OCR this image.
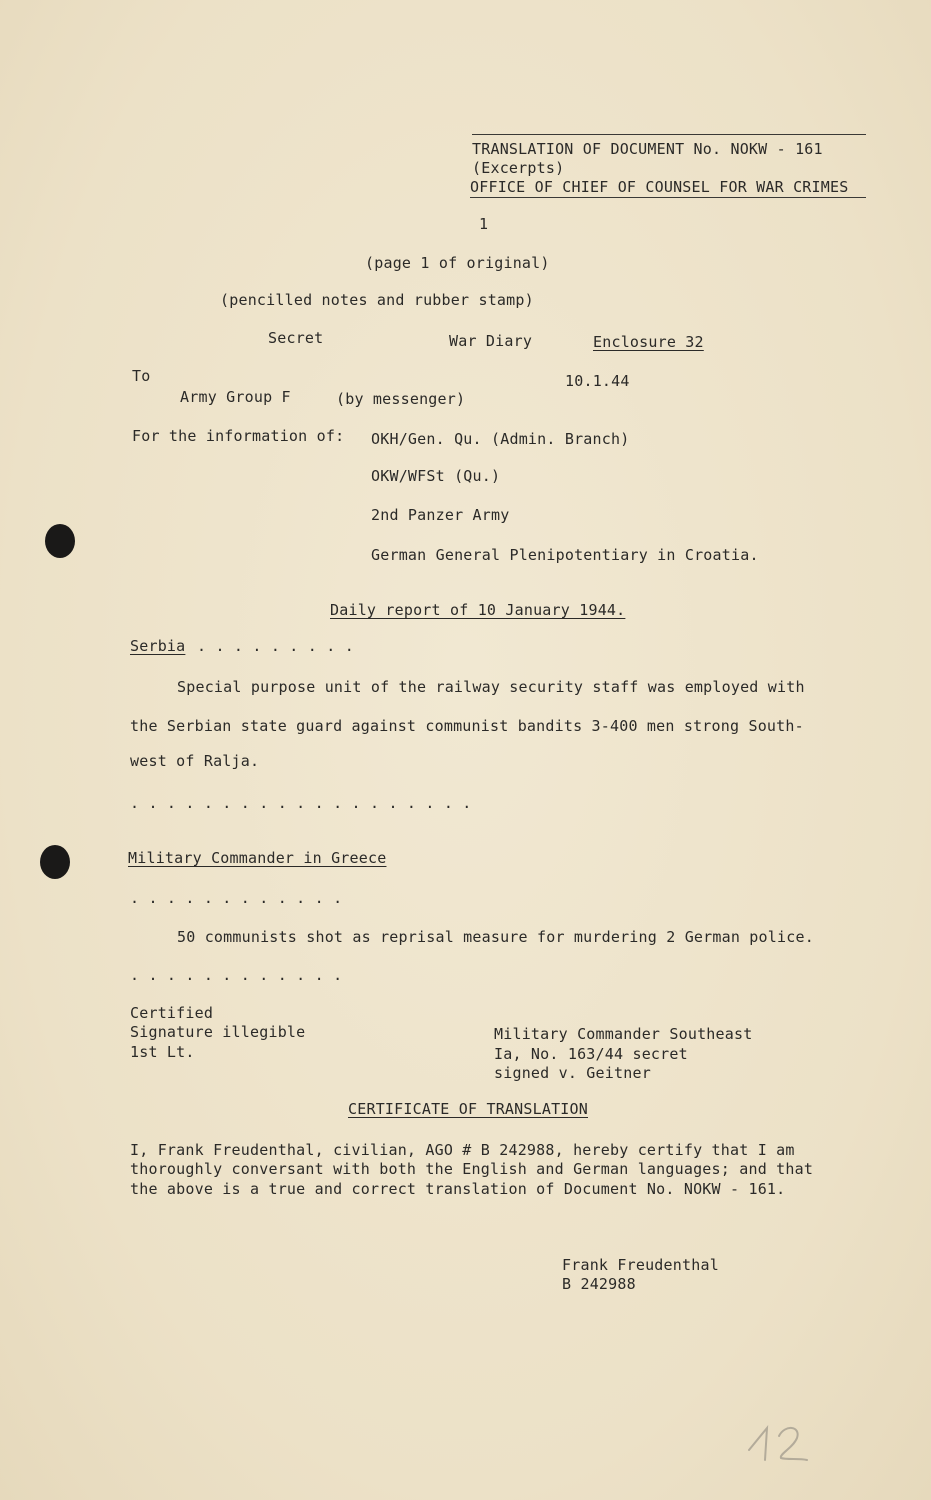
TRANSLATION OF DOCUMENT No. NOKW - 161
(Excerpts)
OFFICE OF CHIEF OF COUNSEL FOR WAR CRIMES
1
(page 1 of original)
(pencilled notes and rubber stamp)
Secret	War Diary	Enclosure 32
To	10.1.44
Army Group F	(by messenger)
For the information of: OKH/Gen. Qu. (Admin. Branch)
OKW/WFSt (Qu.)
2nd Panzer Army
German General Plenipotentiary in Croatia.
Daily report of 10 January 1944.
Serbia . . . . . . . . .
Special purpose unit of the railway security staff was employed with
the Serbian state guard against communist bandits 3-400 men strong South-
west of Ralja.
. . . . . . . . . . . . . . . . . . .
Military Commander in Greece
. . . . . . . . . . . .
50 communists shot as reprisal measure for murdering 2 German police.
. . . . . . . . . . . .
Certified
Signature illegible
1st Lt.
Military Commander Southeast
Ia, No. 163/44 secret
signed v. Geitner
CERTIFICATE OF TRANSLATION
I, Frank Freudenthal, civilian, AGO # B 242988, hereby certify that I am
thoroughly conversant with both the English and German languages; and that
the above is a true and correct translation of Document No. NOKW - 161.
Frank Freudenthal
B 242988
